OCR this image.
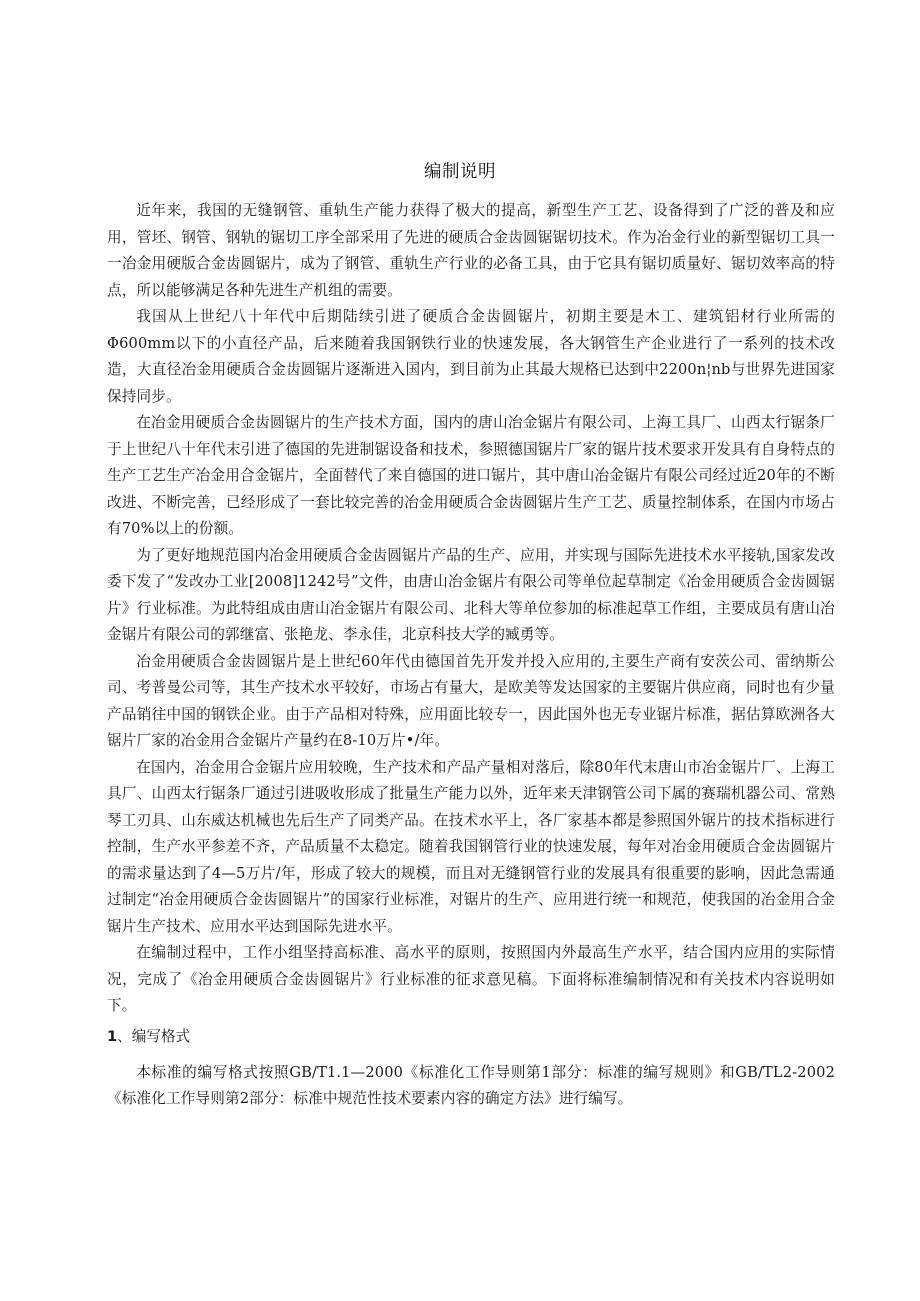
编制说明

近年来，我国的无缝钢管、重轨生产能力获得了极大的提高，新型生产工艺、设备得到了广泛的普及和应用，管坯、钢管、钢轨的锯切工序全部采用了先进的硬质合金齿圆锯锯切技术。作为冶金行业的新型锯切工具一一冶金用硬版合金齿圆锯片，成为了钢管、重轨生产行业的必备工具，由于它具有锯切质量好、锯切效率高的特点，所以能够满足各种先进生产机组的需要。

我国从上世纪八十年代中后期陆续引进了硬质合金齿圆锯片，初期主要是木工、建筑铝材行业所需的Φ600mm以下的小直径产品，后来随着我国钢铁行业的快速发展，各大钢管生产企业进行了一系列的技术改造，大直径冶金用硬质合金齿圆锯片逐渐进入国内，到目前为止其最大规格已达到中2200n¦nb与世界先进国家保持同步。

在冶金用硬质合金齿圆锯片的生产技术方面，国内的唐山冶金锯片有限公司、上海工具厂、山西太行锯条厂于上世纪八十年代末引进了德国的先进制锯设备和技术，参照德国锯片厂家的锯片技术要求开发具有自身特点的生产工艺生产冶金用合金锯片，全面替代了来自德国的进口锯片，其中唐山冶金锯片有限公司经过近20年的不断改进、不断完善，已经形成了一套比较完善的冶金用硬质合金齿圆锯片生产工艺、质量控制体系，在国内市场占有70%以上的份额。

为了更好地规范国内冶金用硬质合金齿圆锯片产品的生产、应用，并实现与国际先进技术水平接轨,国家发改委下发了“发改办工业[2008]1242号”文件，由唐山冶金锯片有限公司等单位起草制定《冶金用硬质合金齿圆锯片》行业标准。为此特组成由唐山冶金锯片有限公司、北科大等单位参加的标准起草工作组，主要成员有唐山冶金锯片有限公司的郭继富、张艳龙、李永佳，北京科技大学的臧勇等。

冶金用硬质合金齿圆锯片是上世纪60年代由德国首先开发并投入应用的,主要生产商有安茨公司、雷纳斯公司、考普曼公司等，其生产技术水平较好，市场占有量大，是欧美等发达国家的主要锯片供应商，同时也有少量产品销往中国的钢铁企业。由于产品相对特殊，应用面比较专一，因此国外也无专业锯片标准，据估算欧洲各大锯片厂家的冶金用合金锯片产量约在8-10万片•/年。

在国内，冶金用合金锯片应用较晚，生产技术和产品产量相对落后，除80年代末唐山市冶金锯片厂、上海工具厂、山西太行锯条厂通过引进吸收形成了批量生产能力以外，近年来天津钢管公司下属的赛瑞机器公司、常熟琴工刃具、山东威达机械也先后生产了同类产品。在技术水平上，各厂家基本都是参照国外锯片的技术指标进行控制，生产水平参差不齐，产品质量不太稳定。随着我国钢管行业的快速发展，每年对冶金用硬质合金齿圆锯片的需求量达到了4—5万片/年，形成了较大的规模，而且对无缝钢管行业的发展具有很重要的影响，因此急需通过制定“冶金用硬质合金齿圆锯片”的国家行业标准，对锯片的生产、应用进行统一和规范，使我国的冶金用合金锯片生产技术、应用水平达到国际先进水平。

在编制过程中，工作小组坚持高标准、高水平的原则，按照国内外最高生产水平，结合国内应用的实际情况，完成了《冶金用硬质合金齿圆锯片》行业标准的征求意见稿。下面将标准编制情况和有关技术内容说明如下。

1、编写格式

本标准的编写格式按照GB/T1.1—2000《标准化工作导则第1部分：标准的编写规则》和GB/TL2-2002《标准化工作导则第2部分：标准中规范性技术要素内容的确定方法》进行编写。
